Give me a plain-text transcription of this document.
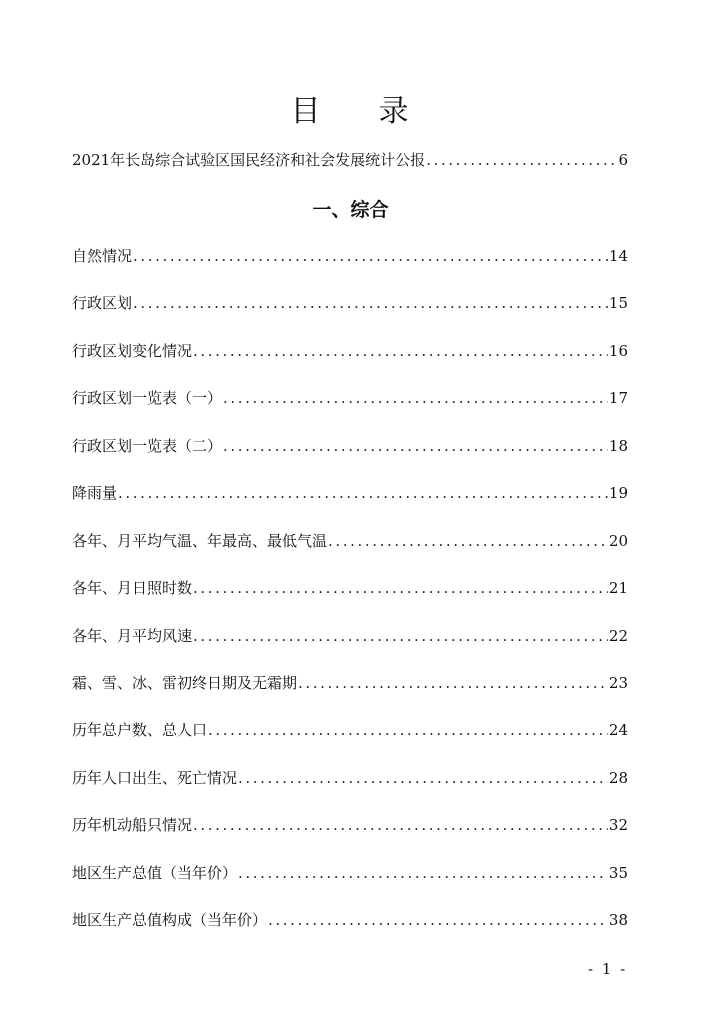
目 录
2021年长岛综合试验区国民经济和社会发展统计公报 .....	6
一、综合
自然情况 .....	14
行政区划 .....	15
行政区划变化情况 .....	16
行政区划一览表（一） .....	17
行政区划一览表（二） .....	18
降雨量 .....	19
各年、月平均气温、年最高、最低气温 .....	20
各年、月日照时数 .....	21
各年、月平均风速 .....	22
霜、雪、冰、雷初终日期及无霜期 .....	23
历年总户数、总人口 .....	24
历年人口出生、死亡情况 .....	28
历年机动船只情况 .....	32
地区生产总值（当年价） .....	35
地区生产总值构成（当年价） .....	38
- 1 -
